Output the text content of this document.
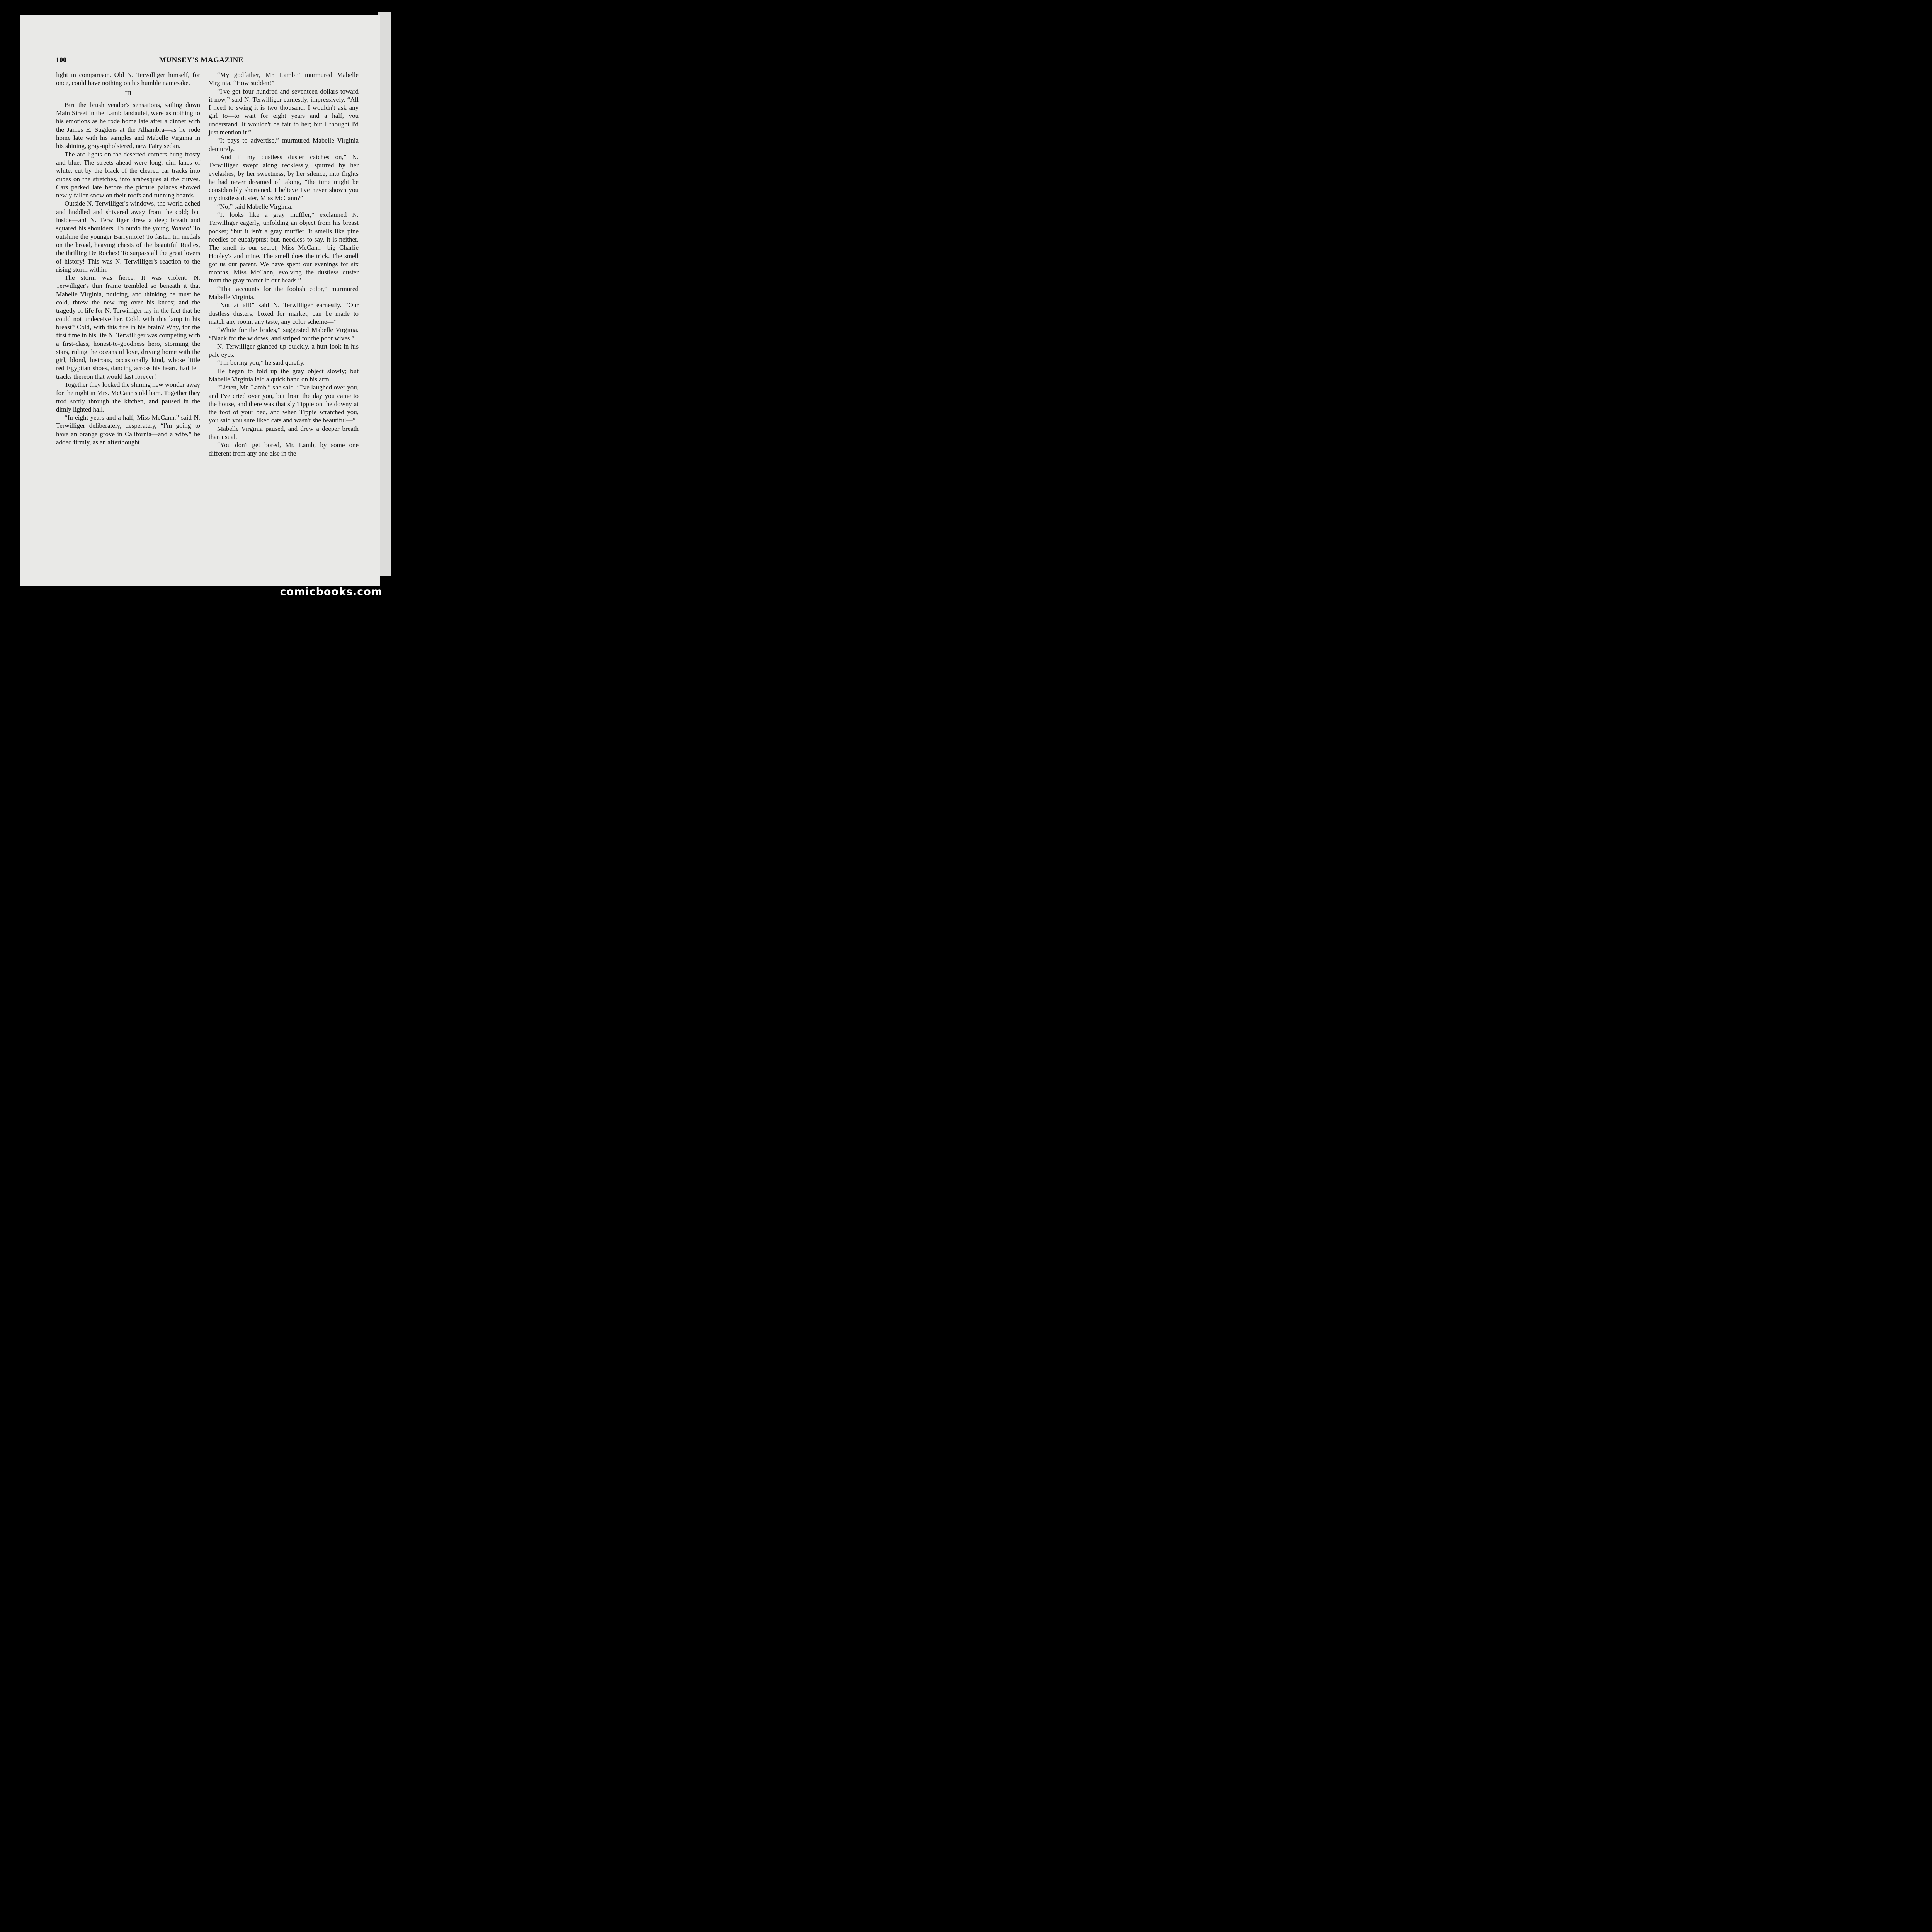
100	MUNSEY'S MAGAZINE

light in comparison. Old N. Terwilliger himself, for once, could have nothing on his humble namesake.

III

But the brush vendor's sensations, sailing down Main Street in the Lamb landaulet, were as nothing to his emotions as he rode home late after a dinner with the James E. Sugdens at the Alhambra—as he rode home late with his samples and Mabelle Virginia in his shining, gray-upholstered, new Fairy sedan.

The arc lights on the deserted corners hung frosty and blue. The streets ahead were long, dim lanes of white, cut by the black of the cleared car tracks into cubes on the stretches, into arabesques at the curves. Cars parked late before the picture palaces showed newly fallen snow on their roofs and running boards.

Outside N. Terwilliger's windows, the world ached and huddled and shivered away from the cold; but inside—ah! N. Terwilliger drew a deep breath and squared his shoulders. To outdo the young Romeo! To outshine the younger Barrymore! To fasten tin medals on the broad, heaving chests of the beautiful Rudies, the thrilling De Roches! To surpass all the great lovers of history! This was N. Terwilliger's reaction to the rising storm within.

The storm was fierce. It was violent. N. Terwilliger's thin frame trembled so beneath it that Mabelle Virginia, noticing, and thinking he must be cold, threw the new rug over his knees; and the tragedy of life for N. Terwilliger lay in the fact that he could not undeceive her. Cold, with this lamp in his breast? Cold, with this fire in his brain? Why, for the first time in his life N. Terwilliger was competing with a first-class, honest-to-goodness hero, storming the stars, riding the oceans of love, driving home with the girl, blond, lustrous, occasionally kind, whose little red Egyptian shoes, dancing across his heart, had left tracks thereon that would last forever!

Together they locked the shining new wonder away for the night in Mrs. McCann's old barn. Together they trod softly through the kitchen, and paused in the dimly lighted hall.

“In eight years and a half, Miss McCann,” said N. Terwilliger deliberately, desperately, “I'm going to have an orange grove in California—and a wife,” he added firmly, as an afterthought.

“My godfather, Mr. Lamb!” murmured Mabelle Virginia. “How sudden!”

“I've got four hundred and seventeen dollars toward it now,” said N. Terwilliger earnestly, impressively. “All I need to swing it is two thousand. I wouldn't ask any girl to—to wait for eight years and a half, you understand. It wouldn't be fair to her; but I thought I'd just mention it.”

“It pays to advertise,” murmured Mabelle Virginia demurely.

“And if my dustless duster catches on,” N. Terwilliger swept along recklessly, spurred by her eyelashes, by her sweetness, by her silence, into flights he had never dreamed of taking, “the time might be considerably shortened. I believe I've never shown you my dustless duster, Miss McCann?”

“No,” said Mabelle Virginia.

“It looks like a gray muffler,” exclaimed N. Terwilliger eagerly, unfolding an object from his breast pocket; “but it isn't a gray muffler. It smells like pine needles or eucalyptus; but, needless to say, it is neither. The smell is our secret, Miss McCann—big Charlie Hooley's and mine. The smell does the trick. The smell got us our patent. We have spent our evenings for six months, Miss McCann, evolving the dustless duster from the gray matter in our heads.”

“That accounts for the foolish color,” murmured Mabelle Virginia.

“Not at all!” said N. Terwilliger earnestly. “Our dustless dusters, boxed for market, can be made to match any room, any taste, any color scheme—”

“White for the brides,” suggested Mabelle Virginia. “Black for the widows, and striped for the poor wives.”

N. Terwilliger glanced up quickly, a hurt look in his pale eyes.

“I'm boring you,” he said quietly.

He began to fold up the gray object slowly; but Mabelle Virginia laid a quick hand on his arm.

“Listen, Mr. Lamb,” she said. “I've laughed over you, and I've cried over you, but from the day you came to the house, and there was that sly Tippie on the downy at the foot of your bed, and when Tippie scratched you, you said you sure liked cats and wasn't she beautiful—”

Mabelle Virginia paused, and drew a deeper breath than usual.

“You don't get bored, Mr. Lamb, by some one different from any one else in the

comicbooks.com
